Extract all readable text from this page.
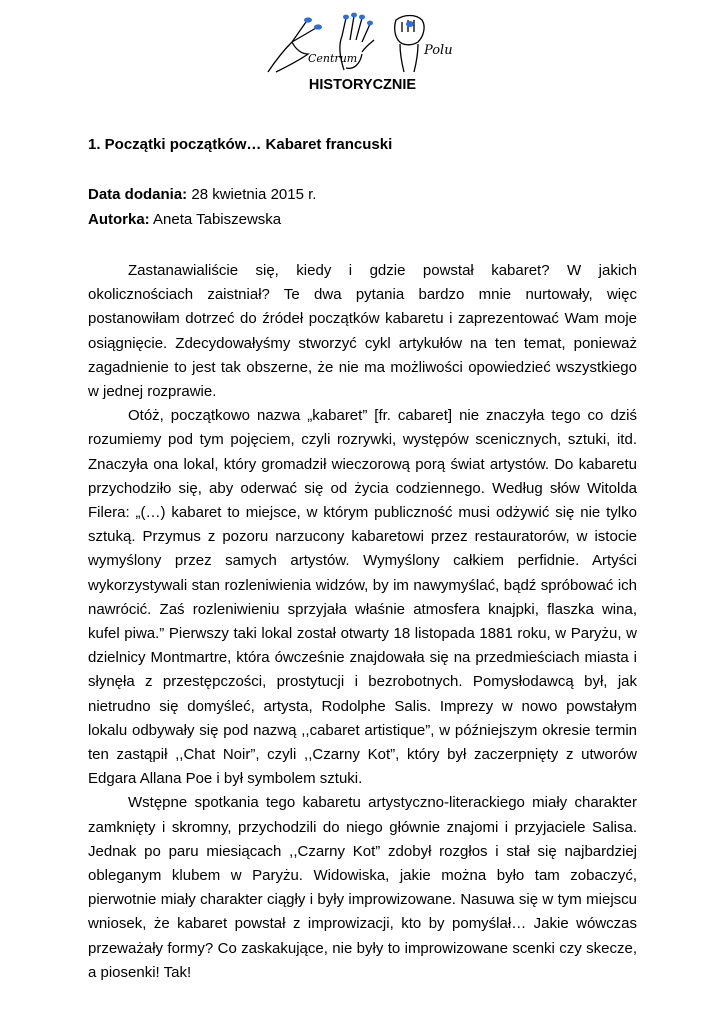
Centrum
Polu
HISTORYCZNIE
1. Początki początków… Kabaret francuski
Data dodania: 28 kwietnia 2015 r.
Autorka: Aneta Tabiszewska

Zastanawialiście się, kiedy i gdzie powstał kabaret? W jakich okolicznościach zaistniał? Te dwa pytania bardzo mnie nurtowały, więc postanowiłam dotrzeć do źródeł początków kabaretu i zaprezentować Wam moje osiągnięcie. Zdecydowałyśmy stworzyć cykl artykułów na ten temat, ponieważ zagadnienie to jest tak obszerne, że nie ma możliwości opowiedzieć wszystkiego w jednej rozprawie.

Otóż, początkowo nazwa „kabaret” [fr. cabaret] nie znaczyła tego co dziś rozumiemy pod tym pojęciem, czyli rozrywki, występów scenicznych, sztuki, itd. Znaczyła ona lokal, który gromadził wieczorową porą świat artystów. Do kabaretu przychodziło się, aby oderwać się od życia codziennego. Według słów Witolda Filera: „(…) kabaret to miejsce, w którym publiczność musi odżywić się nie tylko sztuką. Przymus z pozoru narzucony kabaretowi przez restauratorów, w istocie wymyślony przez samych artystów. Wymyślony całkiem perfidnie. Artyści wykorzystywali stan rozleniwienia widzów, by im nawymyślać, bądź spróbować ich nawrócić. Zaś rozleniwieniu sprzyjała właśnie atmosfera knajpki, flaszka wina, kufel piwa.” Pierwszy taki lokal został otwarty 18 listopada 1881 roku, w Paryżu, w dzielnicy Montmartre, która ówcześnie znajdowała się na przedmieściach miasta i słynęła z przestępczości, prostytucji i bezrobotnych. Pomysłodawcą był, jak nietrudno się domyśleć, artysta, Rodolphe Salis. Imprezy w nowo powstałym lokalu odbywały się pod nazwą ,,cabaret artistique”, w późniejszym okresie termin ten zastąpił ,,Chat Noir”, czyli ,,Czarny Kot”, który był zaczerpnięty z utworów Edgara Allana Poe i był symbolem sztuki.

Wstępne spotkania tego kabaretu artystyczno-literackiego miały charakter zamknięty i skromny, przychodzili do niego głównie znajomi i przyjaciele Salisa. Jednak po paru miesiącach ,,Czarny Kot” zdobył rozgłos i stał się najbardziej obleganym klubem w Paryżu. Widowiska, jakie można było tam zobaczyć, pierwotnie miały charakter ciągły i były improwizowane. Nasuwa się w tym miejscu wniosek, że kabaret powstał z improwizacji, kto by pomyślał… Jakie wówczas przeważały formy? Co zaskakujące, nie były to improwizowane scenki czy skecze, a piosenki! Tak!
